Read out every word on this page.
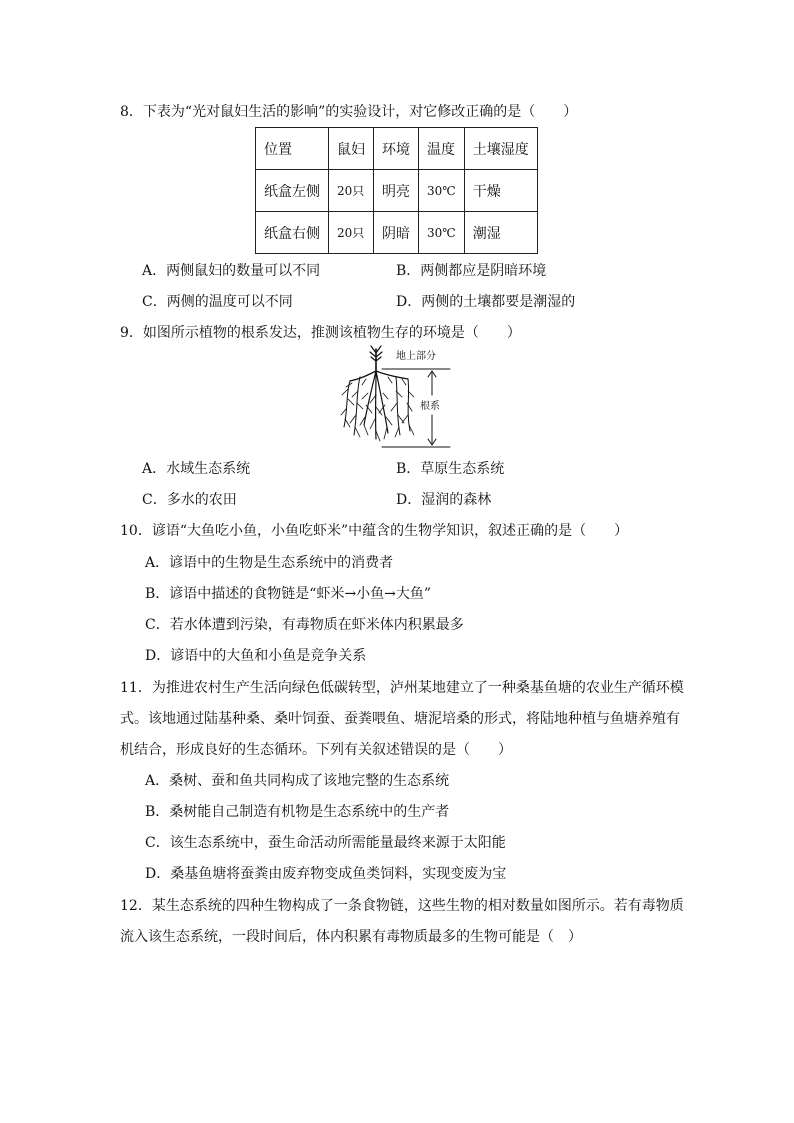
8．下表为“光对鼠妇生活的影响”的实验设计，对它修改正确的是（　　）
位置	鼠妇	环境	温度	土壤湿度
纸盒左侧	20只	明亮	30℃	干燥
纸盒右侧	20只	阴暗	30℃	潮湿
A．两侧鼠妇的数量可以不同	B．两侧都应是阴暗环境
C．两侧的温度可以不同	D．两侧的土壤都要是潮湿的
9．如图所示植物的根系发达，推测该植物生存的环境是（　　）
地上部分
根系
A．水域生态系统	B．草原生态系统
C．多水的农田	D．湿润的森林
10．谚语“大鱼吃小鱼，小鱼吃虾米”中蕴含的生物学知识，叙述正确的是（　　）
A．谚语中的生物是生态系统中的消费者
B．谚语中描述的食物链是“虾米→小鱼→大鱼”
C．若水体遭到污染，有毒物质在虾米体内积累最多
D．谚语中的大鱼和小鱼是竞争关系
11．为推进农村生产生活向绿色低碳转型，泸州某地建立了一种桑基鱼塘的农业生产循环模
式。该地通过陆基种桑、桑叶饲蚕、蚕粪喂鱼、塘泥培桑的形式，将陆地种植与鱼塘养殖有
机结合，形成良好的生态循环。下列有关叙述错误的是（　　）
A．桑树、蚕和鱼共同构成了该地完整的生态系统
B．桑树能自己制造有机物是生态系统中的生产者
C．该生态系统中，蚕生命活动所需能量最终来源于太阳能
D．桑基鱼塘将蚕粪由废弃物变成鱼类饲料，实现变废为宝
12．某生态系统的四种生物构成了一条食物链，这些生物的相对数量如图所示。若有毒物质
流入该生态系统，一段时间后，体内积累有毒物质最多的生物可能是（　）
